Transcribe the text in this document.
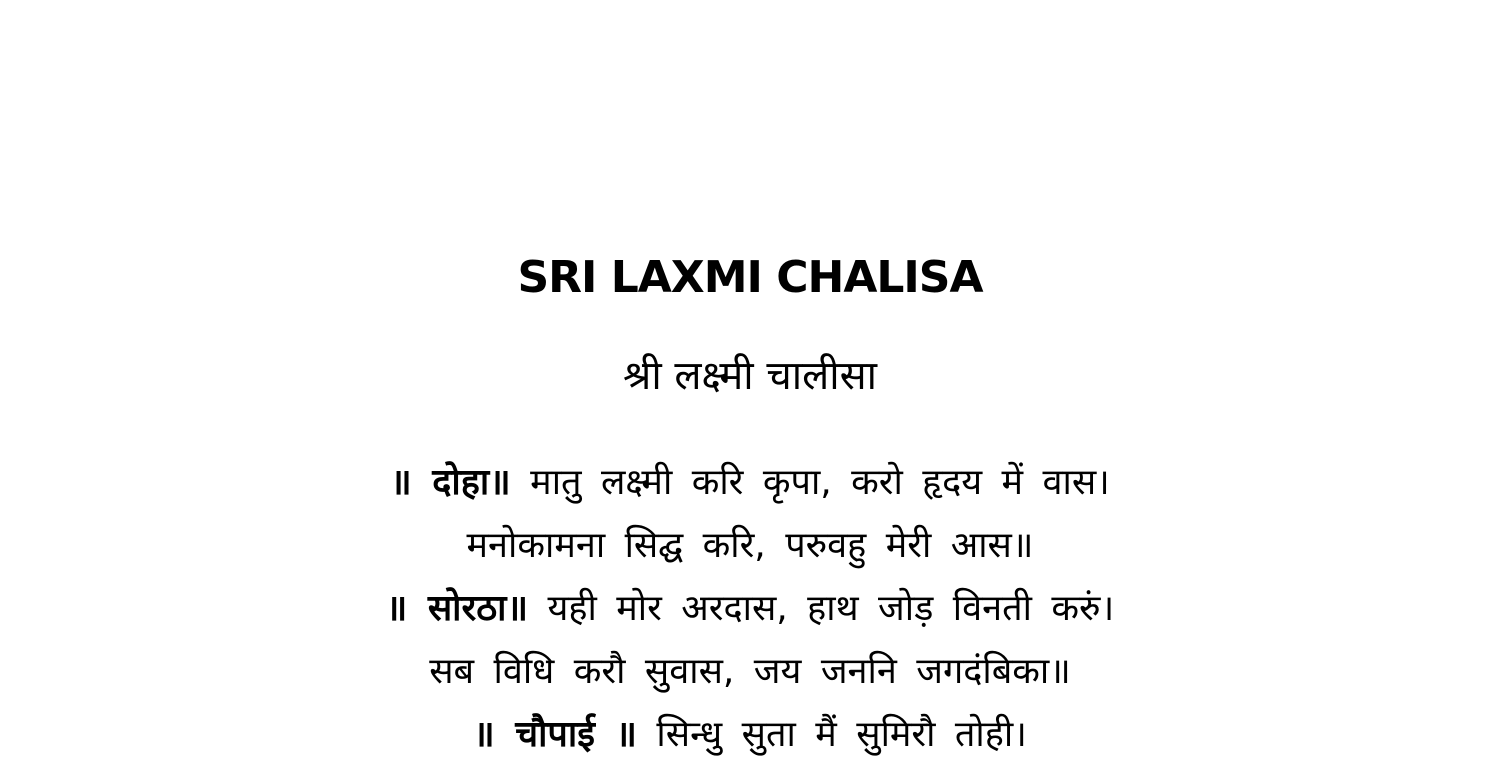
SRI LAXMI CHALISA
श्री लक्ष्मी चालीसा
॥ दोहा॥ मातु लक्ष्मी करि कृपा, करो हृदय में वास।
मनोकामना सिद्घ करि, परुवहु मेरी आस॥
॥ सोरठा॥ यही मोर अरदास, हाथ जोड़ विनती करुं।
सब विधि करौ सुवास, जय जननि जगदंबिका॥
॥ चौपाई ॥ सिन्धु सुता मैं सुमिरौ तोही।
